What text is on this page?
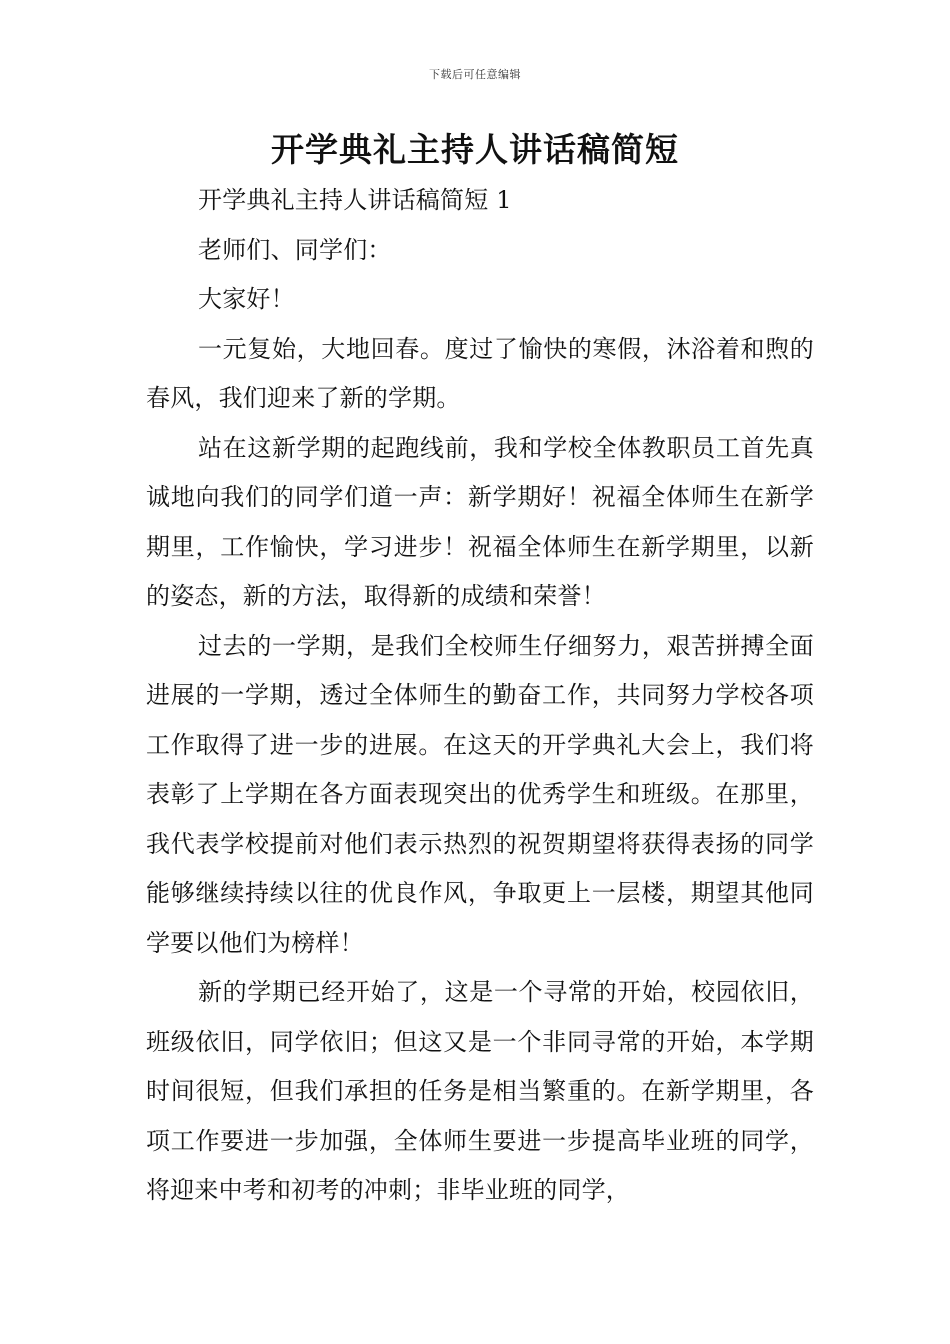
下载后可任意编辑
开学典礼主持人讲话稿简短

开学典礼主持人讲话稿简短 1

老师们、同学们：

大家好！

一元复始，大地回春。度过了愉快的寒假，沐浴着和煦的春风，我们迎来了新的学期。

站在这新学期的起跑线前，我和学校全体教职员工首先真诚地向我们的同学们道一声：新学期好！祝福全体师生在新学期里，工作愉快，学习进步！祝福全体师生在新学期里，以新的姿态，新的方法，取得新的成绩和荣誉！

过去的一学期，是我们全校师生仔细努力，艰苦拼搏全面进展的一学期，透过全体师生的勤奋工作，共同努力学校各项工作取得了进一步的进展。在这天的开学典礼大会上，我们将表彰了上学期在各方面表现突出的优秀学生和班级。在那里，我代表学校提前对他们表示热烈的祝贺期望将获得表扬的同学能够继续持续以往的优良作风，争取更上一层楼，期望其他同学要以他们为榜样！

新的学期已经开始了，这是一个寻常的开始，校园依旧，班级依旧，同学依旧；但这又是一个非同寻常的开始，本学期时间很短，但我们承担的任务是相当繁重的。在新学期里，各项工作要进一步加强，全体师生要进一步提高毕业班的同学，将迎来中考和初考的冲刺；非毕业班的同学，
